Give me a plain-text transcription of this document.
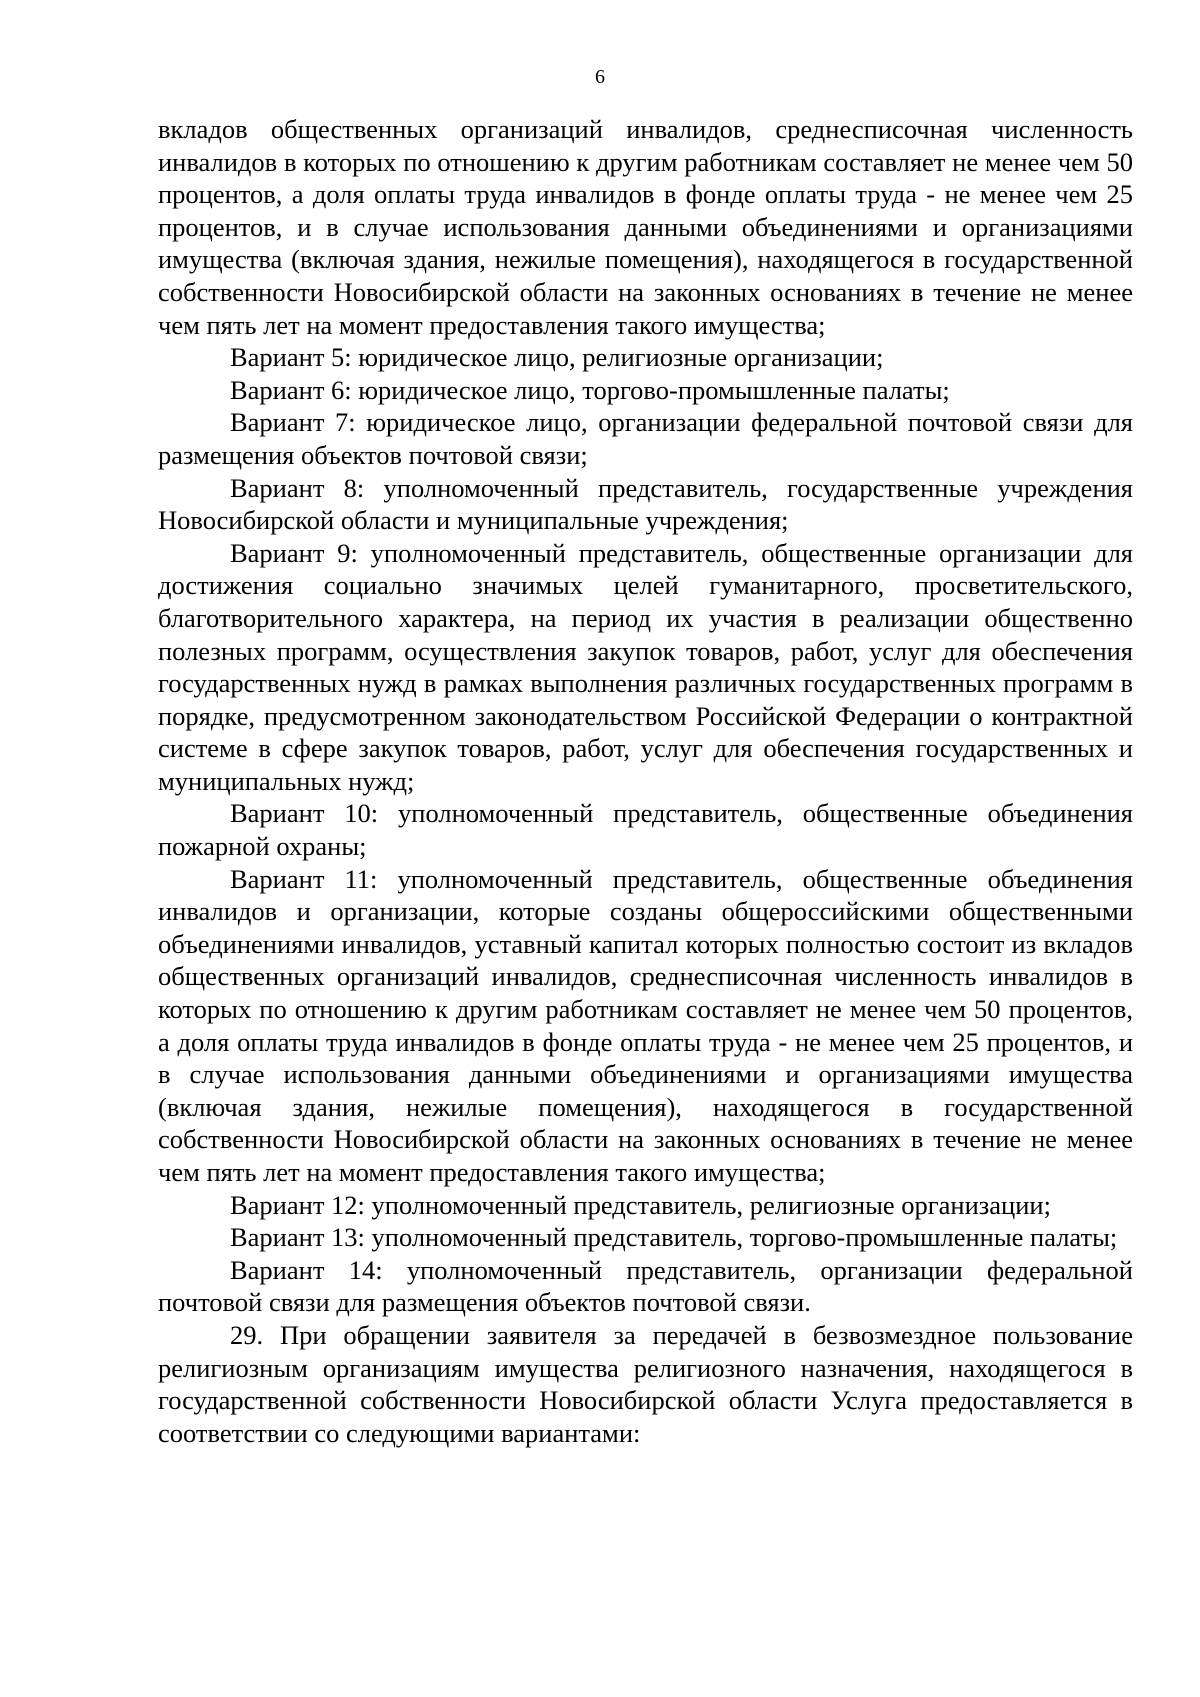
6

вкладов общественных организаций инвалидов, среднесписочная численность инвалидов в которых по отношению к другим работникам составляет не менее чем 50 процентов, а доля оплаты труда инвалидов в фонде оплаты труда - не менее чем 25 процентов, и в случае использования данными объединениями и организациями имущества (включая здания, нежилые помещения), находящегося в государственной собственности Новосибирской области на законных основаниях в течение не менее чем пять лет на момент предоставления такого имущества;

Вариант 5: юридическое лицо, религиозные организации;

Вариант 6: юридическое лицо, торгово-промышленные палаты;

Вариант 7: юридическое лицо, организации федеральной почтовой связи для размещения объектов почтовой связи;

Вариант 8: уполномоченный представитель, государственные учреждения Новосибирской области и муниципальные учреждения;

Вариант 9: уполномоченный представитель, общественные организации для достижения социально значимых целей гуманитарного, просветительского, благотворительного характера, на период их участия в реализации общественно полезных программ, осуществления закупок товаров, работ, услуг для обеспечения государственных нужд в рамках выполнения различных государственных программ в порядке, предусмотренном законодательством Российской Федерации о контрактной системе в сфере закупок товаров, работ, услуг для обеспечения государственных и муниципальных нужд;

Вариант 10: уполномоченный представитель, общественные объединения пожарной охраны;

Вариант 11: уполномоченный представитель, общественные объединения инвалидов и организации, которые созданы общероссийскими общественными объединениями инвалидов, уставный капитал которых полностью состоит из вкладов общественных организаций инвалидов, среднесписочная численность инвалидов в которых по отношению к другим работникам составляет не менее чем 50 процентов, а доля оплаты труда инвалидов в фонде оплаты труда - не менее чем 25 процентов, и в случае использования данными объединениями и организациями имущества (включая здания, нежилые помещения), находящегося в государственной собственности Новосибирской области на законных основаниях в течение не менее чем пять лет на момент предоставления такого имущества;

Вариант 12: уполномоченный представитель, религиозные организации;

Вариант 13: уполномоченный представитель, торгово-промышленные палаты;

Вариант 14: уполномоченный представитель, организации федеральной почтовой связи для размещения объектов почтовой связи.

29. При обращении заявителя за передачей в безвозмездное пользование религиозным организациям имущества религиозного назначения, находящегося в государственной собственности Новосибирской области Услуга предоставляется в соответствии со следующими вариантами:
